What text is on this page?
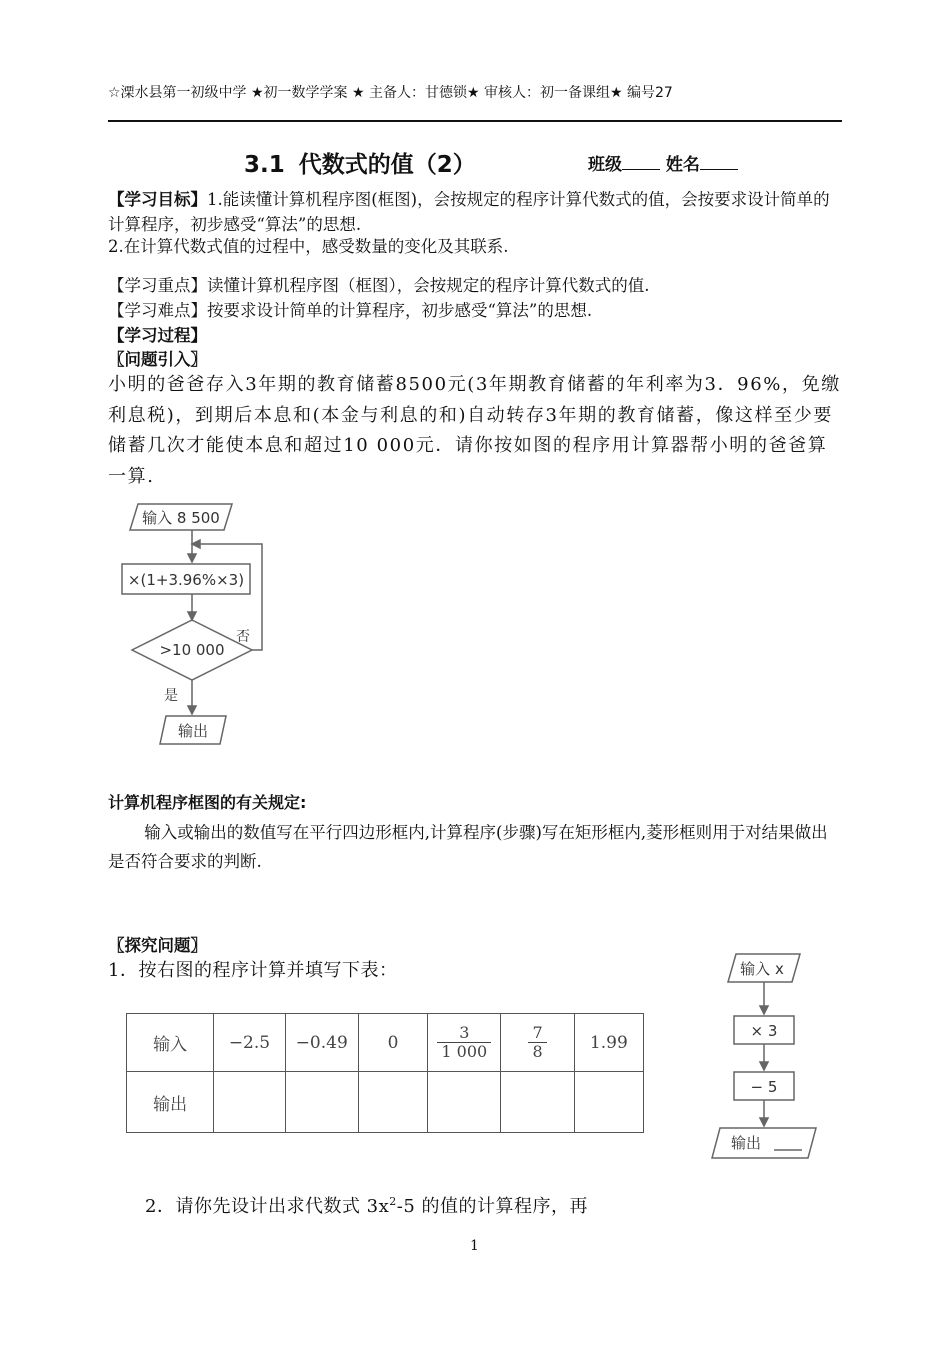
☆溧水县第一初级中学 ★初一数学学案 ★ 主备人：甘德锁★ 审核人：初一备课组★ 编号27
3.1 代数式的值（2）	班级	姓名
【学习目标】1.能读懂计算机程序图(框图)，会按规定的程序计算代数式的值，会按要求设计简单的计算程序，初步感受“算法”的思想.
2.在计算代数式值的过程中，感受数量的变化及其联系.
【学习重点】读懂计算机程序图（框图），会按规定的程序计算代数式的值.
【学习难点】按要求设计简单的计算程序，初步感受“算法”的思想.
【学习过程】
〖问题引入〗
小明的爸爸存入3年期的教育储蓄8500元(3年期教育储蓄的年利率为3．96%，免缴利息税)，到期后本息和(本金与利息的和)自动转存3年期的教育储蓄，像这样至少要储蓄几次才能使本息和超过10 000元．请你按如图的程序用计算器帮小明的爸爸算一算.
输入 8 500
×(1+3.96%×3)
>10 000
否
是
输出
计算机程序框图的有关规定:
输入或输出的数值写在平行四边形框内,计算程序(步骤)写在矩形框内,菱形框则用于对结果做出是否符合要求的判断.
〖探究问题〗
1．按右图的程序计算并填写下表：
输入	−2.5	−0.49	0	$\frac{3}{1 000}$	$\frac{7}{8}$	1.99
输出						
输入 x
× 3
− 5
输出
2．请你先设计出求代数式 $3x^2-5$ 的值的计算程序，再
1
